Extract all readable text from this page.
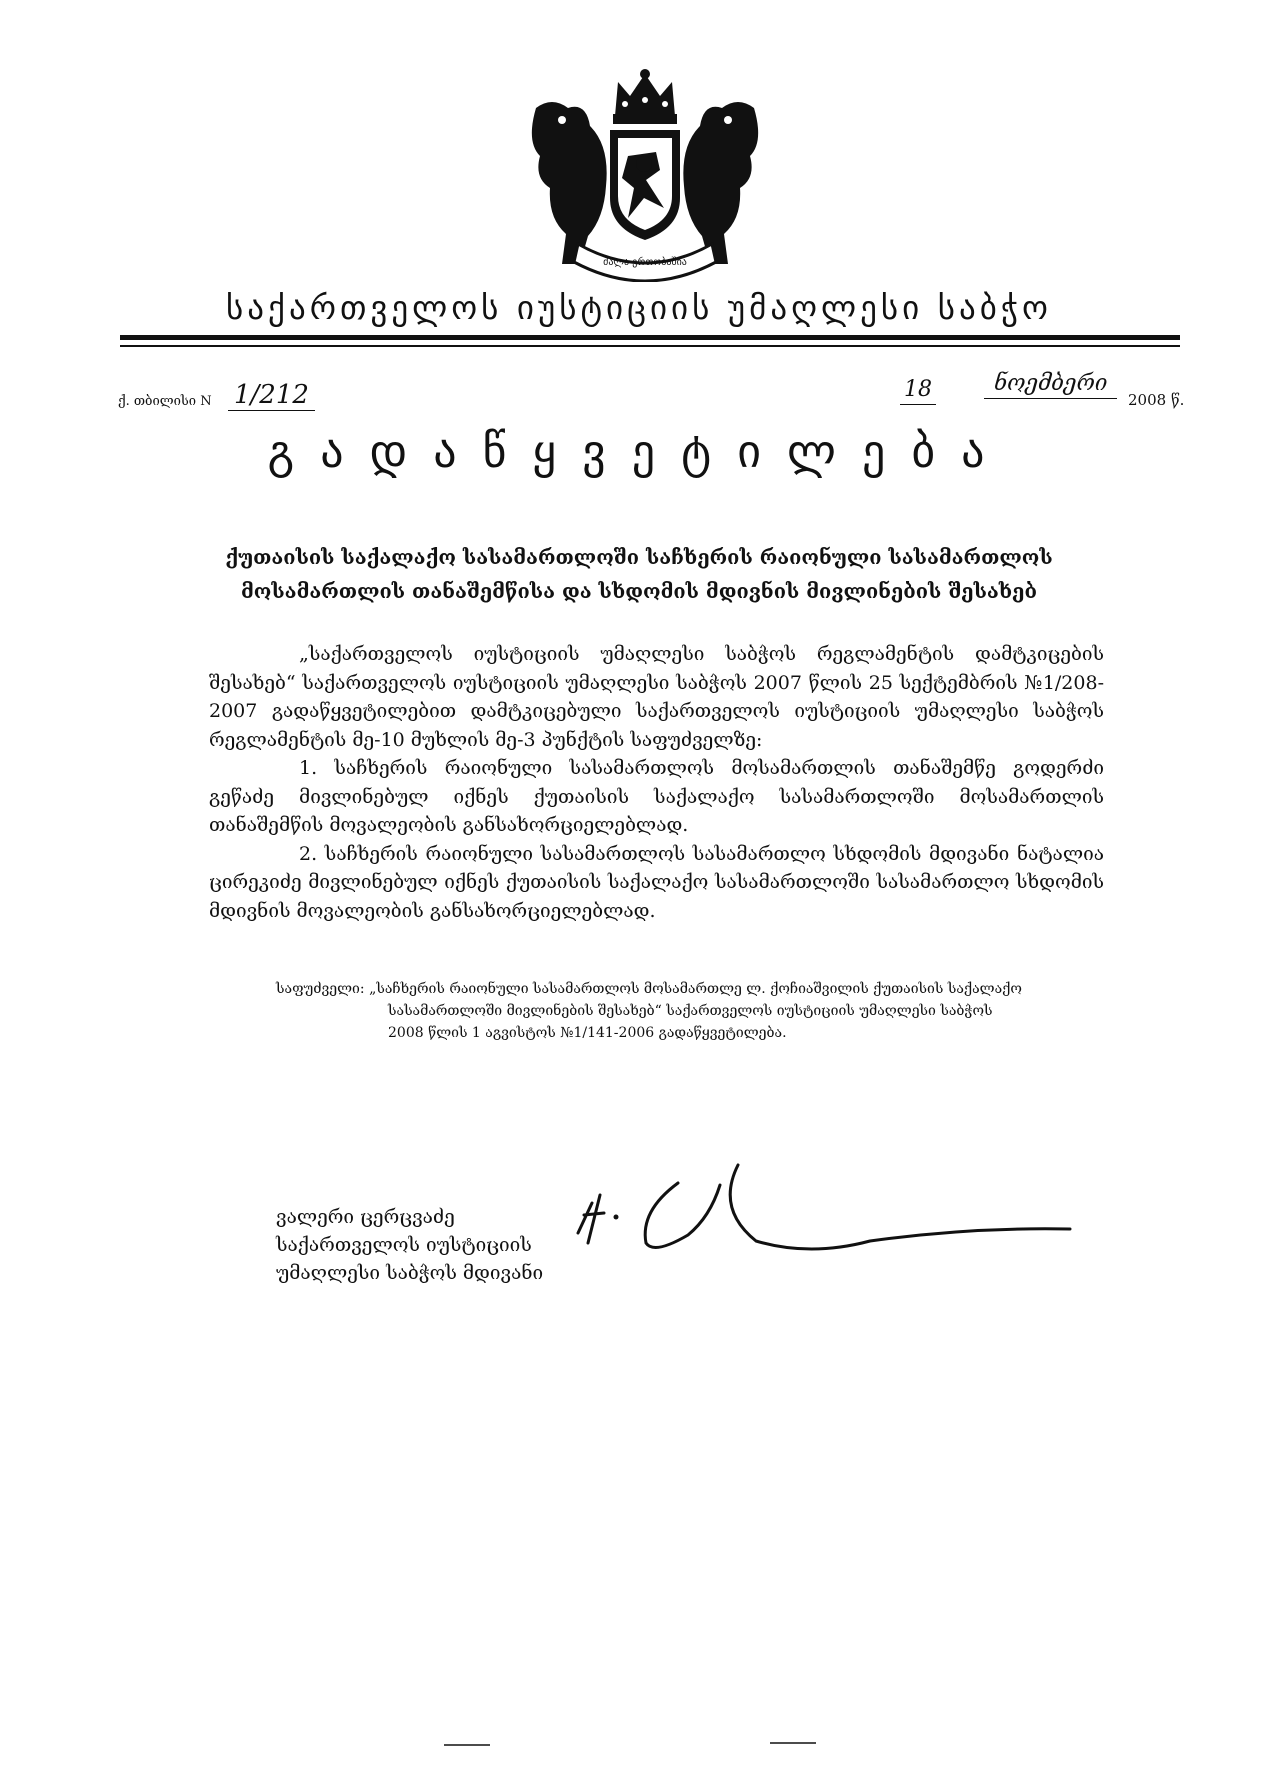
ძალა ერთობაშია
საქართველოს იუსტიციის უმაღლესი საბჭო
ქ. თბილისი N 1/212	18	ნოემბერი
2008 წ.
გადაწყვეტილება
ქუთაისის საქალაქო სასამართლოში საჩხერის რაიონული სასამართლოს
მოსამართლის თანაშემწისა და სხდომის მდივნის მივლინების შესახებ

„საქართველოს იუსტიციის უმაღლესი საბჭოს რეგლამენტის დამტკიცების შესახებ“ საქართველოს იუსტიციის უმაღლესი საბჭოს 2007 წლის 25 სექტემბრის №1/208-2007 გადაწყვეტილებით დამტკიცებული საქართველოს იუსტიციის უმაღლესი საბჭოს რეგლამენტის მე-10 მუხლის მე-3 პუნქტის საფუძველზე:

1. საჩხერის რაიონული სასამართლოს მოსამართლის თანაშემწე გოდერძი გეწაძე მივლინებულ იქნეს ქუთაისის საქალაქო სასამართლოში მოსამართლის თანაშემწის მოვალეობის განსახორციელებლად.

2. საჩხერის რაიონული სასამართლოს სასამართლო სხდომის მდივანი ნატალია ცირეკიძე მივლინებულ იქნეს ქუთაისის საქალაქო სასამართლოში სასამართლო სხდომის მდივნის მოვალეობის განსახორციელებლად.

საფუძველი: „საჩხერის რაიონული სასამართლოს მოსამართლე ლ. ქოჩიაშვილის ქუთაისის საქალაქო
სასამართლოში მივლინების შესახებ“ საქართველოს იუსტიციის უმაღლესი საბჭოს
2008 წლის 1 აგვისტოს №1/141-2006 გადაწყვეტილება.
ვალერი ცერცვაძე
საქართველოს იუსტიციის
უმაღლესი საბჭოს მდივანი
